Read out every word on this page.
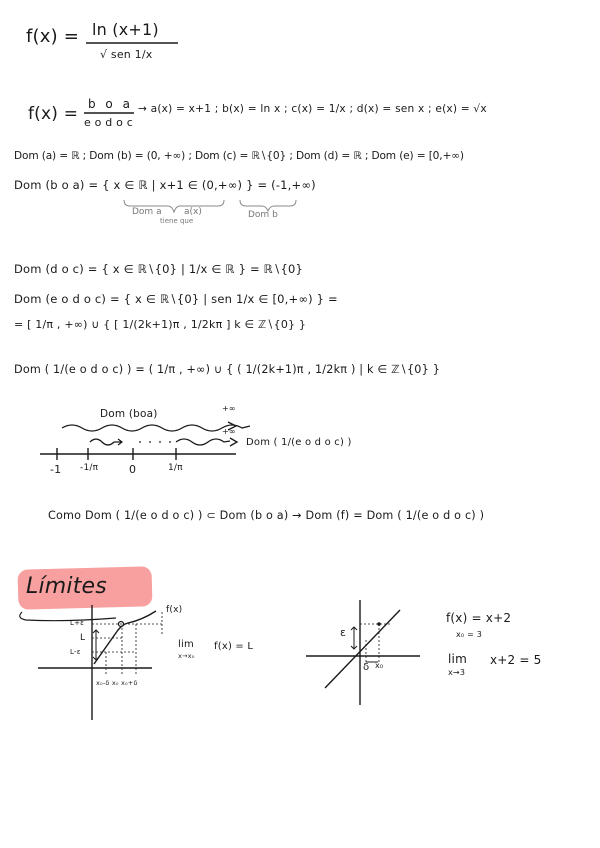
f(x) = ln (x+1)
√ sen 1/x
f(x) = b o a
e o d o c
→ a(x) = x+1 ; b(x) = ln x ; c(x) = 1/x ; d(x) = sen x ; e(x) = √x
Dom (a) = ℝ ; Dom (b) = (0, +∞) ; Dom (c) = ℝ∖{0} ; Dom (d) = ℝ ; Dom (e) = [0,+∞)
Dom (b o a) = { x ∈ ℝ | x+1 ∈ (0,+∞) } = (-1,+∞)
Dom a a(x)
tiene que
Dom b
Dom (d o c) = { x ∈ ℝ∖{0} | 1/x ∈ ℝ } = ℝ∖{0}
Dom (e o d o c) = { x ∈ ℝ∖{0} | sen 1/x ∈ [0,+∞) } =
= [ 1/π , +∞) ∪ { [ 1/(2k+1)π , 1/2kπ ] k ∈ ℤ∖{0} }
Dom ( 1/(e o d o c) ) = ( 1/π , +∞) ∪ { ( 1/(2k+1)π , 1/2kπ ) | k ∈ ℤ∖{0} }
Dom (boa)	+∞
+∞
Dom ( 1/(e o d o c) )
-1 -1/π	0	1/π
Como Dom ( 1/(e o d o c) ) ⊂ Dom (b o a) → Dom (f) = Dom ( 1/(e o d o c) )
Límites
f(x)
L+ε
L
L-ε
x₀-δ x₀ x₀+δ
lim
x→x₀
f(x) = L
ε
δ x₀
f(x) = x+2
x₀ = 3
lim
x→3
x+2 = 5
